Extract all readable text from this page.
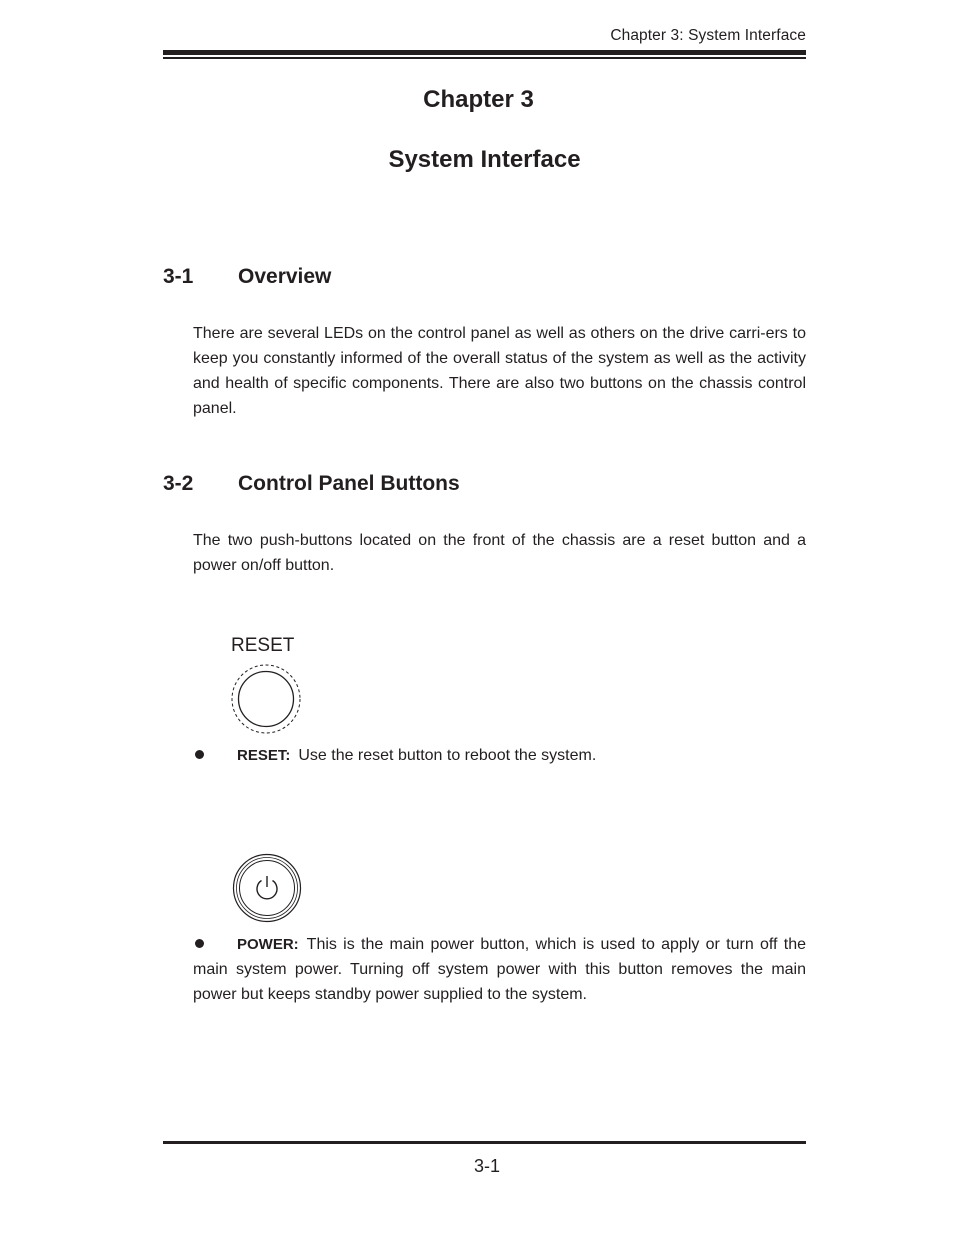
Chapter 3: System Interface
Chapter 3
System Interface
3-1 Overview

There are several LEDs on the control panel as well as others on the drive carri-ers to keep you constantly informed of the overall status of the system as well as the activity and health of specific components. There are also two buttons on the chassis control panel.

3-2 Control Panel Buttons

The two push-buttons located on the front of the chassis are a reset button and a power on/off button.

RESET

RESET: Use the reset button to reboot the system.

POWER: This is the main power button, which is used to apply or turn off the main system power. Turning off system power with this button removes the main power but keeps standby power supplied to the system.

3-1
